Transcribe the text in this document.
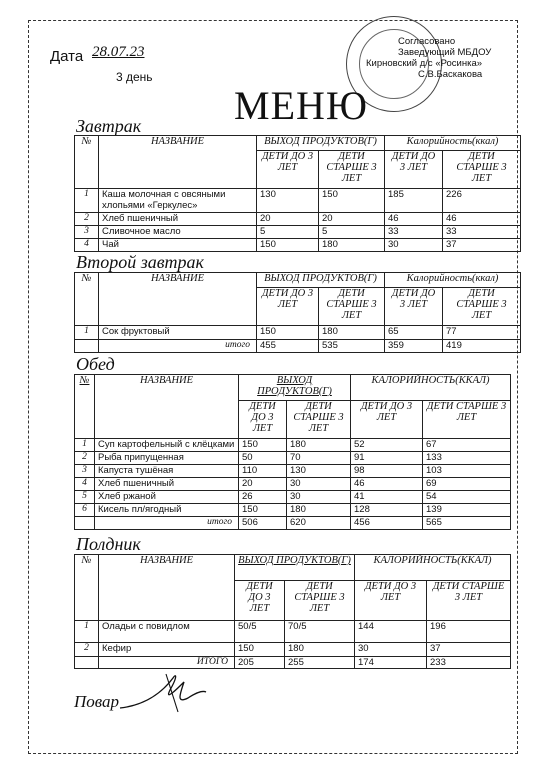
Дата 28.07.23
3 день
Согласовано
Заведующий МБДОУ
Кирновский д/с «Росинка»
С.В.Баскакова
МЕНЮ
Завтрак
№	НАЗВАНИЕ	ВЫХОД ПРОДУКТОВ(Г)		Калорийность(ккал)	
		ДЕТИ ДО 3 ЛЕТ	ДЕТИ СТАРШЕ 3 ЛЕТ	ДЕТИ ДО 3 ЛЕТ	ДЕТИ СТАРШЕ 3 ЛЕТ
1	Каша молочная с овсяными хлопьями «Геркулес»	130	150	185	226
2	Хлеб пшеничный	20	20	46	46
3	Сливочное масло	5	5	33	33
4	Чай	150	180	30	37
Второй завтрак
№	НАЗВАНИЕ	ВЫХОД ПРОДУКТОВ(Г)		Калорийность(ккал)	
		ДЕТИ ДО 3 ЛЕТ	ДЕТИ СТАРШЕ 3 ЛЕТ	ДЕТИ ДО 3 ЛЕТ	ДЕТИ СТАРШЕ 3 ЛЕТ
1	Сок фруктовый	150	180	65	77
	итого	455	535	359	419
Обед
№	НАЗВАНИЕ	ВЫХОД ПРОДУКТОВ(Г)		КАЛОРИЙНОСТЬ(ККАЛ)	
		ДЕТИ ДО 3 ЛЕТ	ДЕТИ СТАРШЕ 3 ЛЕТ	ДЕТИ ДО 3 ЛЕТ	ДЕТИ СТАРШЕ 3 ЛЕТ
1	Суп картофельный с клёцками	150	180	52	67
2	Рыба припущенная	50	70	91	133
3	Капуста тушёная	110	130	98	103
4	Хлеб пшеничный	20	30	46	69
5	Хлеб ржаной	26	30	41	54
6	Кисель пл/ягодный	150	180	128	139
	итого	506	620	456	565
Полдник
№	НАЗВАНИЕ	ВЫХОД ПРОДУКТОВ(Г)		КАЛОРИЙНОСТЬ(ККАЛ)	
		ДЕТИ ДО 3 ЛЕТ	ДЕТИ СТАРШЕ 3 ЛЕТ	ДЕТИ ДО 3 ЛЕТ	ДЕТИ СТАРШЕ 3 ЛЕТ
1	Оладьи с повидлом	50/5	70/5	144	196
2	Кефир	150	180	30	37
	ИТОГО	205	255	174	233
Повар
